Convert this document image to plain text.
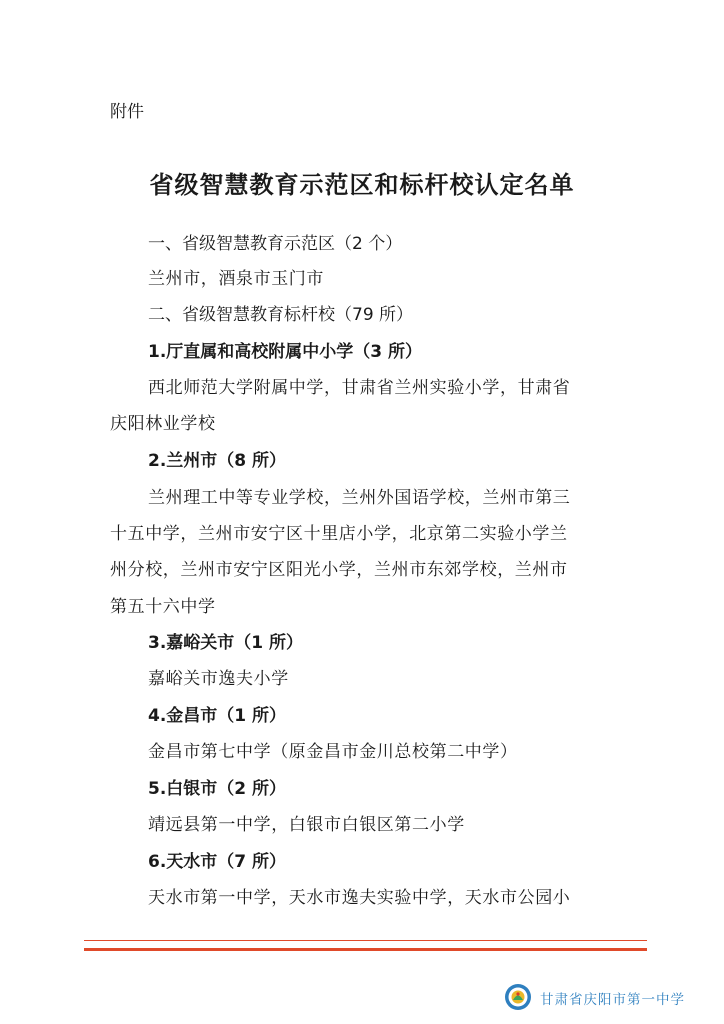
附件
省级智慧教育示范区和标杆校认定名单
一、省级智慧教育示范区（2 个）
兰州市，酒泉市玉门市
二、省级智慧教育标杆校（79 所）
1.厅直属和高校附属中小学（3 所）
西北师范大学附属中学，甘肃省兰州实验小学，甘肃省
庆阳林业学校
2.兰州市（8 所）
兰州理工中等专业学校，兰州外国语学校，兰州市第三
十五中学，兰州市安宁区十里店小学，北京第二实验小学兰
州分校，兰州市安宁区阳光小学，兰州市东郊学校，兰州市
第五十六中学
3.嘉峪关市（1 所）
嘉峪关市逸夫小学
4.金昌市（1 所）
金昌市第七中学（原金昌市金川总校第二中学）
5.白银市（2 所）
靖远县第一中学，白银市白银区第二小学
6.天水市（7 所）
天水市第一中学，天水市逸夫实验中学，天水市公园小
甘肃省庆阳市第一中学
